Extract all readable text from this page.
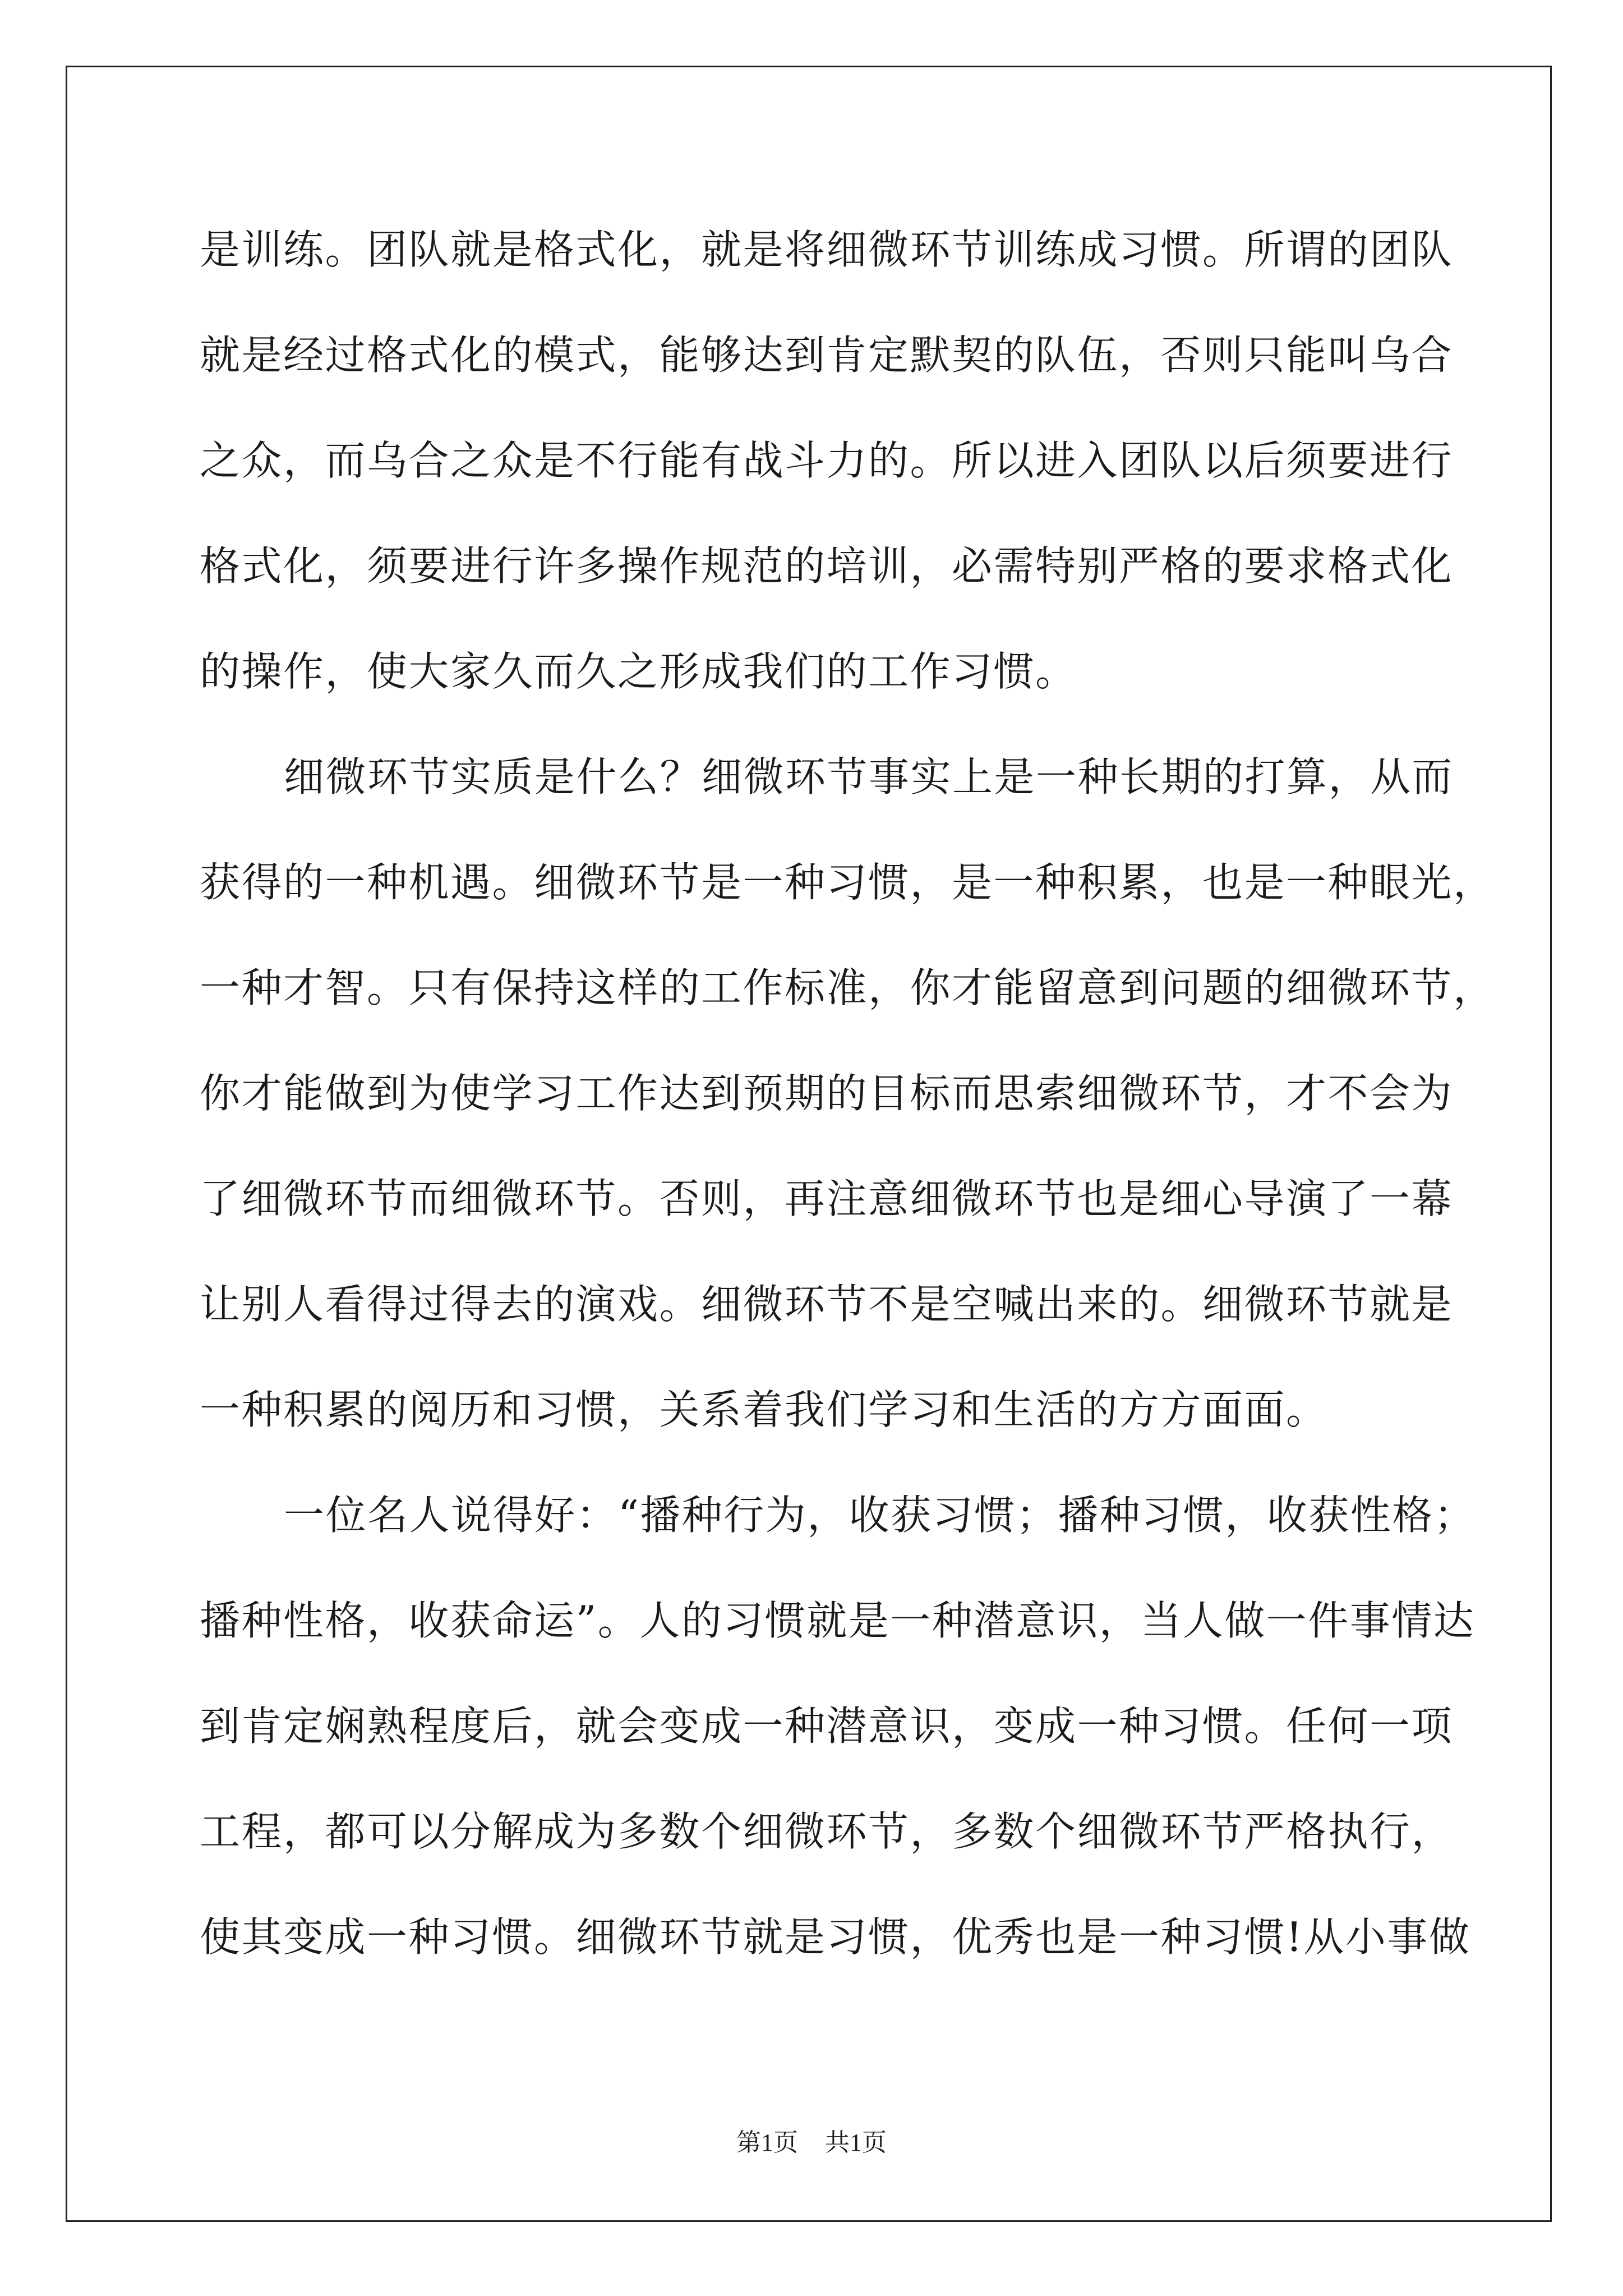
是训练。团队就是格式化，就是将细微环节训练成习惯。所谓的团队
就是经过格式化的模式，能够达到肯定默契的队伍，否则只能叫乌合
之众，而乌合之众是不行能有战斗力的。所以进入团队以后须要进行
格式化，须要进行许多操作规范的培训，必需特别严格的要求格式化
的操作，使大家久而久之形成我们的工作习惯。
细微环节实质是什么？细微环节事实上是一种长期的打算，从而
获得的一种机遇。细微环节是一种习惯，是一种积累，也是一种眼光，
一种才智。只有保持这样的工作标准，你才能留意到问题的细微环节，
你才能做到为使学习工作达到预期的目标而思索细微环节，才不会为
了细微环节而细微环节。否则，再注意细微环节也是细心导演了一幕
让别人看得过得去的演戏。细微环节不是空喊出来的。细微环节就是
一种积累的阅历和习惯，关系着我们学习和生活的方方面面。
一位名人说得好：“播种行为，收获习惯；播种习惯，收获性格；
播种性格，收获命运”。人的习惯就是一种潜意识，当人做一件事情达
到肯定娴熟程度后，就会变成一种潜意识，变成一种习惯。任何一项
工程，都可以分解成为多数个细微环节，多数个细微环节严格执行，
使其变成一种习惯。细微环节就是习惯，优秀也是一种习惯!从小事做
第1页 共1页
